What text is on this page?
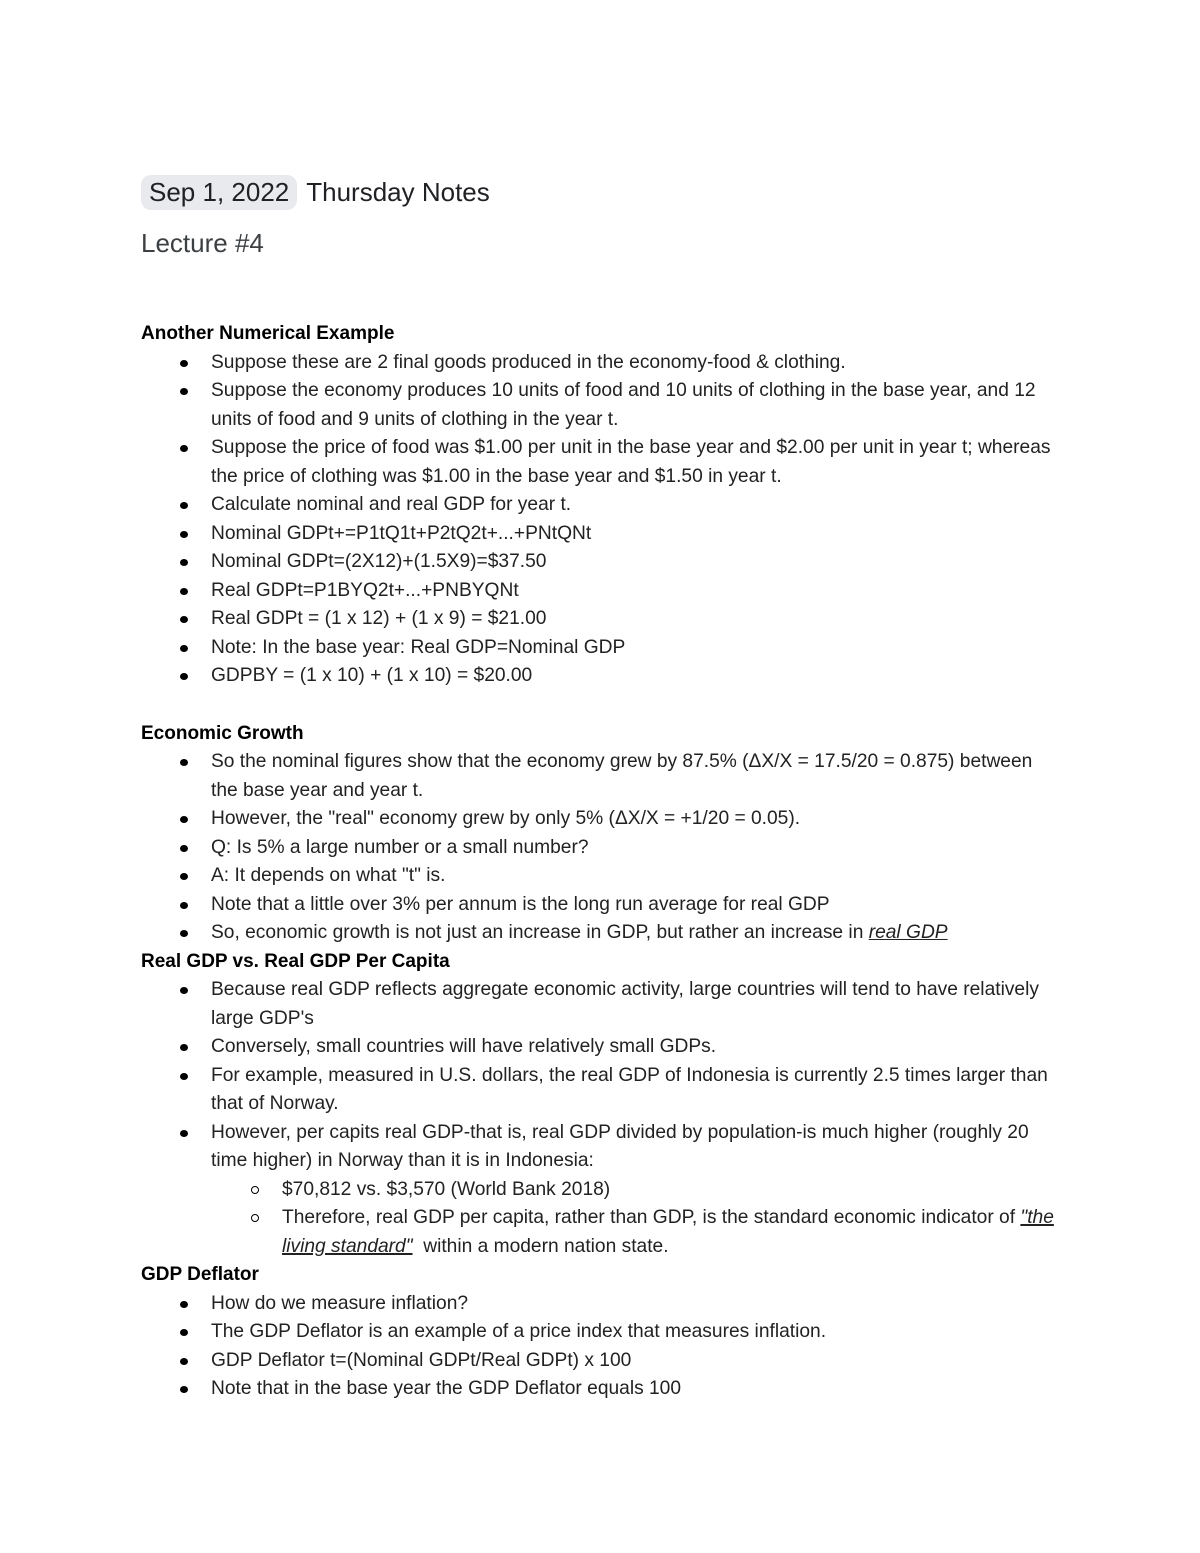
Sep 1, 2022 Thursday Notes
Lecture #4
Another Numerical Example
Suppose these are 2 final goods produced in the economy-food & clothing.
Suppose the economy produces 10 units of food and 10 units of clothing in the base year, and 12 units of food and 9 units of clothing in the year t.
Suppose the price of food was $1.00 per unit in the base year and $2.00 per unit in year t; whereas the price of clothing was $1.00 in the base year and $1.50 in year t.
Calculate nominal and real GDP for year t.
Nominal GDPt+=P1tQ1t+P2tQ2t+...+PNtQNt
Nominal GDPt=(2X12)+(1.5X9)=$37.50
Real GDPt=P1BYQ2t+...+PNBYQNt
Real GDPt = (1 x 12) + (1 x 9) = $21.00
Note: In the base year: Real GDP=Nominal GDP
GDPBY = (1 x 10) + (1 x 10) = $20.00
Economic Growth
So the nominal figures show that the economy grew by 87.5% (ΔX/X = 17.5/20 = 0.875) between the base year and year t.
However, the "real" economy grew by only 5% (ΔX/X = +1/20 = 0.05).
Q: Is 5% a large number or a small number?
A: It depends on what "t" is.
Note that a little over 3% per annum is the long run average for real GDP
So, economic growth is not just an increase in GDP, but rather an increase in real GDP
Real GDP vs. Real GDP Per Capita
Because real GDP reflects aggregate economic activity, large countries will tend to have relatively large GDP's
Conversely, small countries will have relatively small GDPs.
For example, measured in U.S. dollars, the real GDP of Indonesia is currently 2.5 times larger than that of Norway.
However, per capits real GDP-that is, real GDP divided by population-is much higher (roughly 20 time higher) in Norway than it is in Indonesia:
$70,812 vs. $3,570 (World Bank 2018)
Therefore, real GDP per capita, rather than GDP, is the standard economic indicator of "the living standard"  within a modern nation state.
GDP Deflator
How do we measure inflation?
The GDP Deflator is an example of a price index that measures inflation.
GDP Deflator t=(Nominal GDPt/Real GDPt) x 100
Note that in the base year the GDP Deflator equals 100
